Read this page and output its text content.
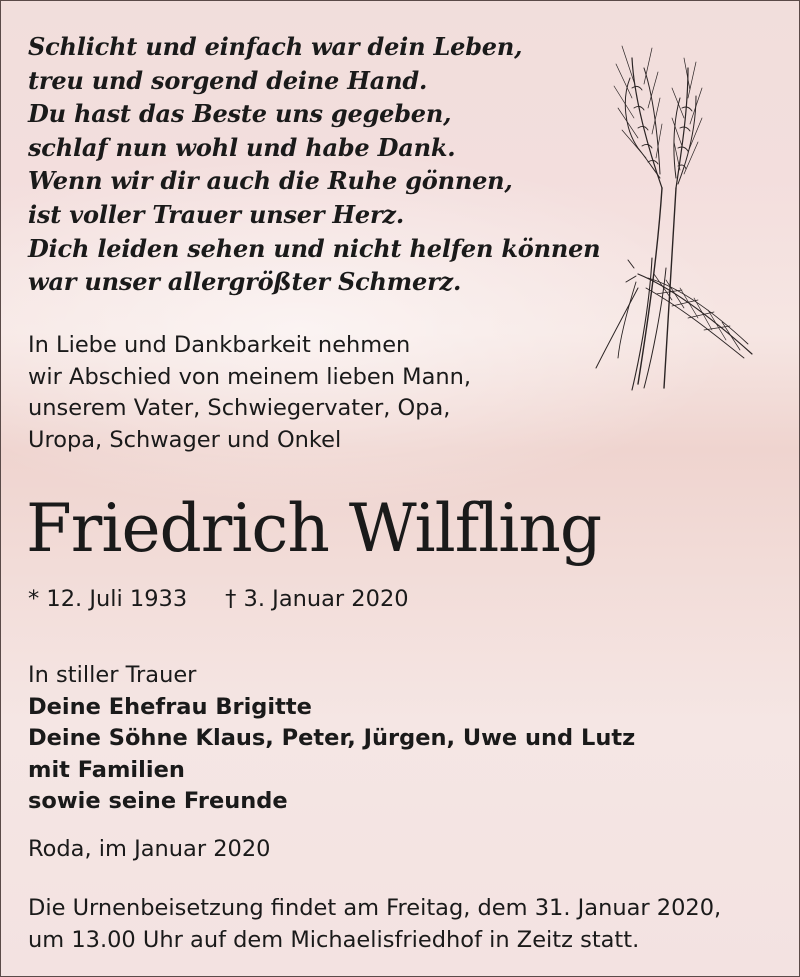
Schlicht und einfach war dein Leben,
treu und sorgend deine Hand.
Du hast das Beste uns gegeben,
schlaf nun wohl und habe Dank.
Wenn wir dir auch die Ruhe gönnen,
ist voller Trauer unser Herz.
Dich leiden sehen und nicht helfen können
war unser allergrößter Schmerz.
In Liebe und Dankbarkeit nehmen
wir Abschied von meinem lieben Mann,
unserem Vater, Schwiegervater, Opa,
Uropa, Schwager und Onkel
Friedrich Wilfling
* 12. Juli 1933 † 3. Januar 2020
In stiller Trauer
Deine Ehefrau Brigitte
Deine Söhne Klaus, Peter, Jürgen, Uwe und Lutz
mit Familien
sowie seine Freunde
Roda, im Januar 2020
Die Urnenbeisetzung findet am Freitag, dem 31. Januar 2020,
um 13.00 Uhr auf dem Michaelisfriedhof in Zeitz statt.
